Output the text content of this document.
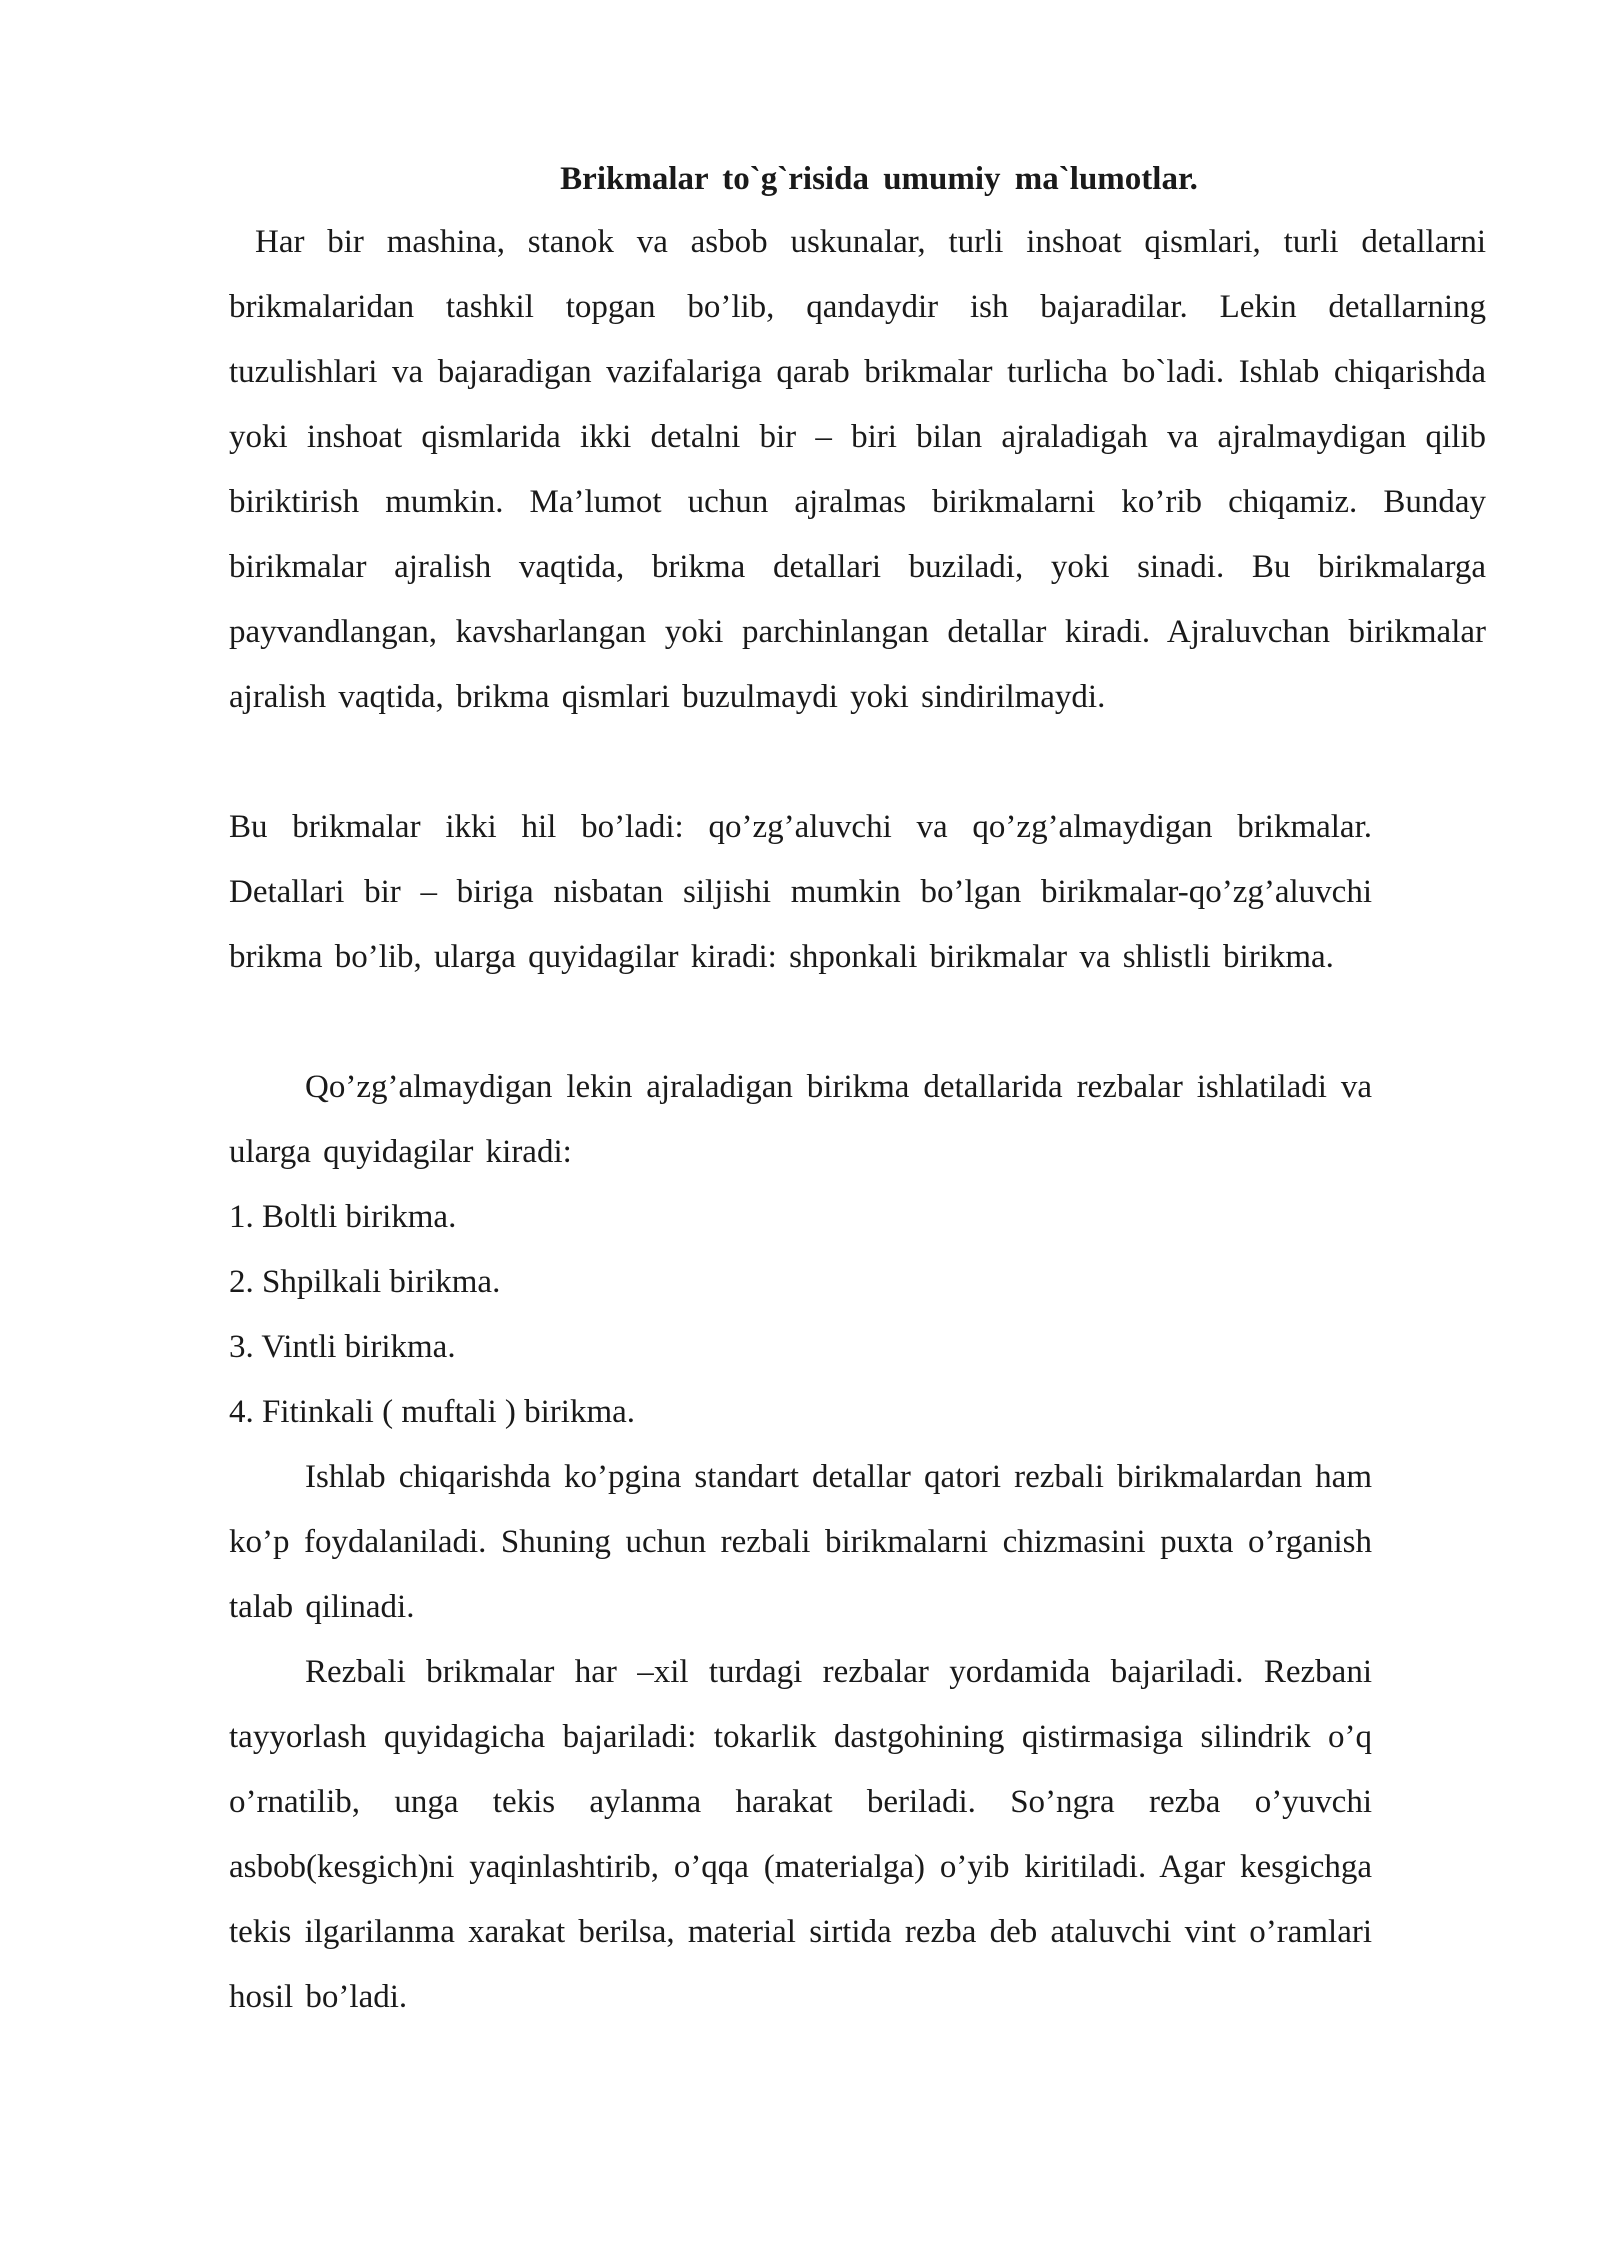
Brikmalar to`g`risida umumiy ma`lumotlar.

Har bir mashina, stanok va asbob uskunalar, turli inshoat qismlari, turli detallarni brikmalaridan tashkil topgan bo’lib, qandaydir ish bajaradilar. Lekin detallarning tuzulishlari va bajaradigan vazifalariga qarab brikmalar turlicha bo`ladi. Ishlab chiqarishda yoki inshoat qismlarida ikki detalni bir – biri bilan ajraladigah va ajralmaydigan qilib biriktirish mumkin. Ma’lumot uchun ajralmas birikmalarni ko’rib chiqamiz. Bunday birikmalar ajralish vaqtida, brikma detallari buziladi, yoki sinadi. Bu birikmalarga payvandlangan, kavsharlangan yoki parchinlangan detallar kiradi. Ajraluvchan birikmalar ajralish vaqtida, brikma qismlari buzulmaydi yoki sindirilmaydi.

Bu brikmalar ikki hil bo’ladi: qo’zg’aluvchi va qo’zg’almaydigan brikmalar. Detallari bir – biriga nisbatan siljishi mumkin bo’lgan birikmalar-qo’zg’aluvchi brikma bo’lib, ularga quyidagilar kiradi: shponkali birikmalar va shlistli birikma.

Qo’zg’almaydigan lekin ajraladigan birikma detallarida rezbalar ishlatiladi va ularga quyidagilar kiradi:

1. Boltli birikma.
2. Shpilkali birikma.
3. Vintli birikma.
4. Fitinkali ( muftali ) birikma.

Ishlab chiqarishda ko’pgina standart detallar qatori rezbali birikmalardan ham ko’p foydalaniladi. Shuning uchun rezbali birikmalarni chizmasini puxta o’rganish talab qilinadi.

Rezbali brikmalar har –xil turdagi rezbalar yordamida bajariladi. Rezbani tayyorlash quyidagicha bajariladi: tokarlik dastgohining qistirmasiga silindrik o’q o’rnatilib, unga tekis aylanma harakat beriladi. So’ngra rezba o’yuvchi asbob(kesgich)ni yaqinlashtirib, o’qqa (materialga) o’yib kiritiladi. Agar kesgichga tekis ilgarilanma xarakat berilsa, material sirtida rezba deb ataluvchi vint o’ramlari hosil bo’ladi.
